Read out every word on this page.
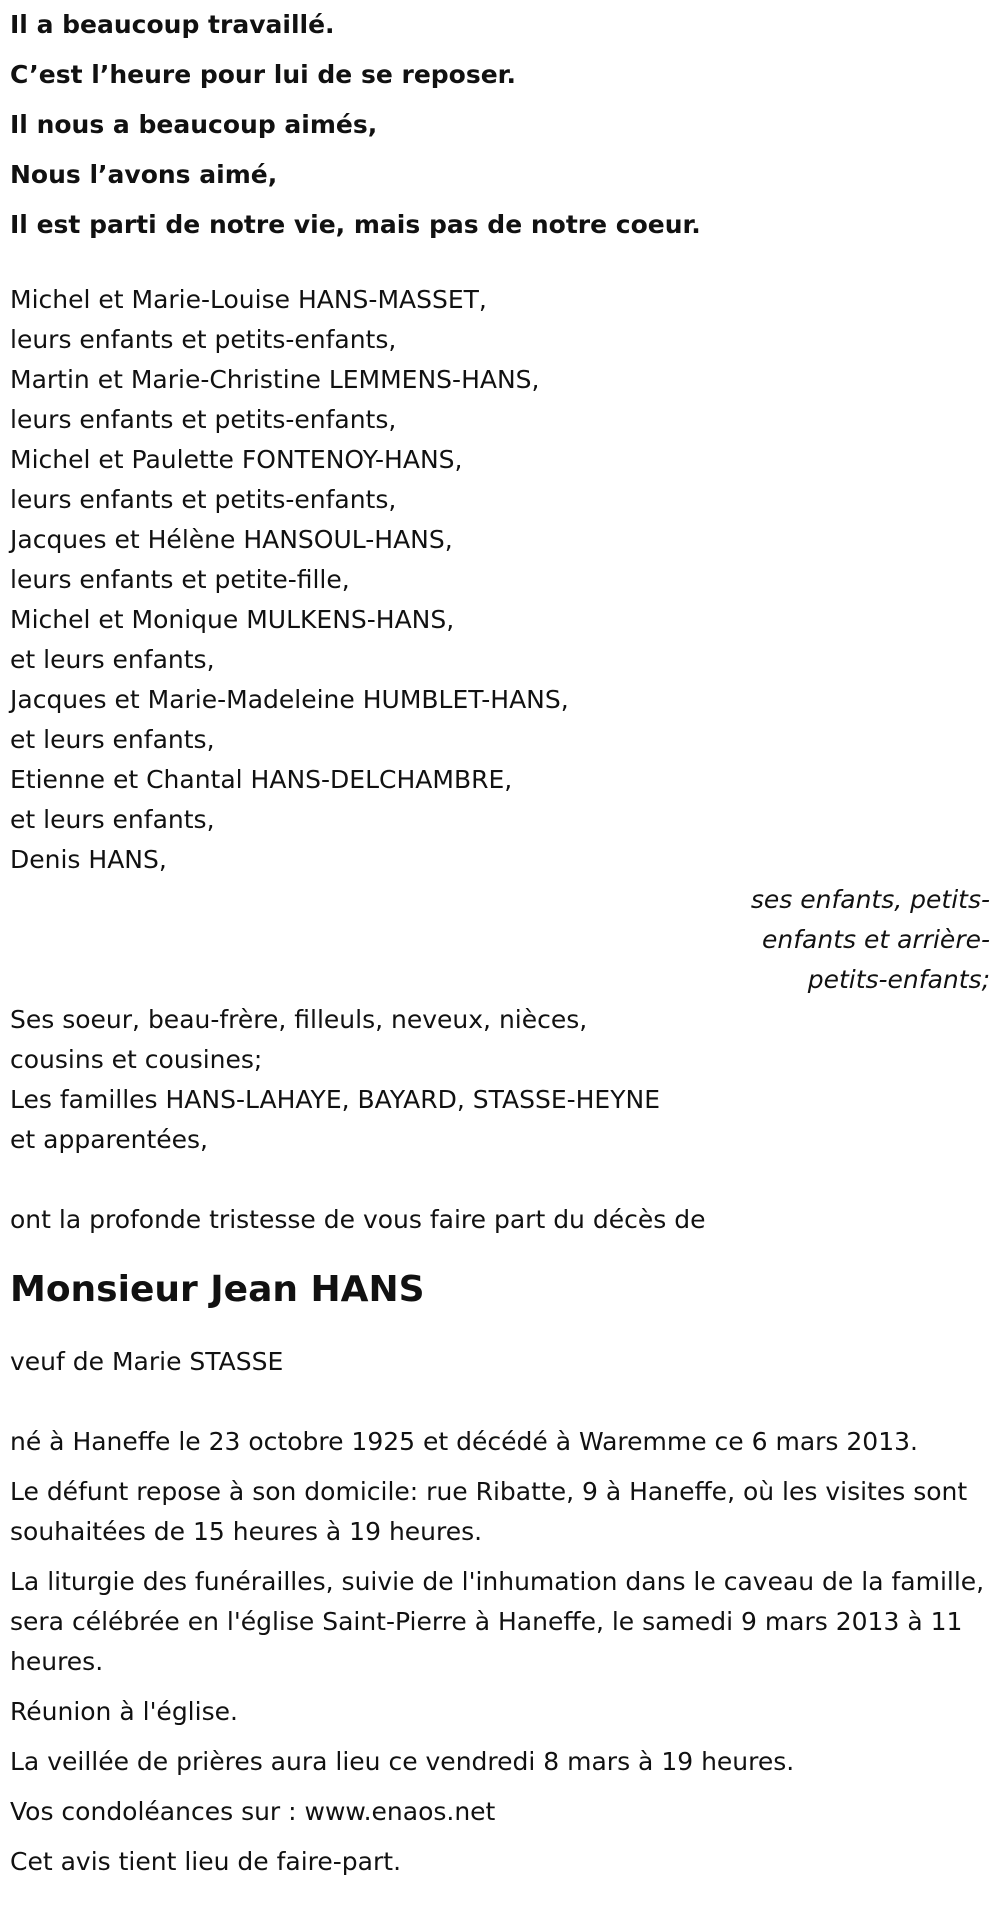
Il a beaucoup travaillé.
C’est l’heure pour lui de se reposer.
Il nous a beaucoup aimés,
Nous l’avons aimé,
Il est parti de notre vie, mais pas de notre coeur.
Michel et Marie-Louise HANS-MASSET,
leurs enfants et petits-enfants,
Martin et Marie-Christine LEMMENS-HANS,
leurs enfants et petits-enfants,
Michel et Paulette FONTENOY-HANS,
leurs enfants et petits-enfants,
Jacques et Hélène HANSOUL-HANS,
leurs enfants et petite-fille,
Michel et Monique MULKENS-HANS,
et leurs enfants,
Jacques et Marie-Madeleine HUMBLET-HANS,
et leurs enfants,
Etienne et Chantal HANS-DELCHAMBRE,
et leurs enfants,
Denis HANS,
ses enfants, petits-
enfants et arrière-
petits-enfants;
Ses soeur, beau-frère, filleuls, neveux, nièces,
cousins et cousines;
Les familles HANS-LAHAYE, BAYARD, STASSE-HEYNE
et apparentées,
ont la profonde tristesse de vous faire part du décès de
Monsieur Jean HANS
veuf de Marie STASSE

né à Haneffe le 23 octobre 1925 et décédé à Waremme ce 6 mars 2013.

Le défunt repose à son domicile: rue Ribatte, 9 à Haneffe, où les visites sont souhaitées de 15 heures à 19 heures.

La liturgie des funérailles, suivie de l'inhumation dans le caveau de la famille, sera célébrée en l'église Saint-Pierre à Haneffe, le samedi 9 mars 2013 à 11 heures.

Réunion à l'église.

La veillée de prières aura lieu ce vendredi 8 mars à 19 heures.

Vos condoléances sur : www.enaos.net

Cet avis tient lieu de faire-part.
